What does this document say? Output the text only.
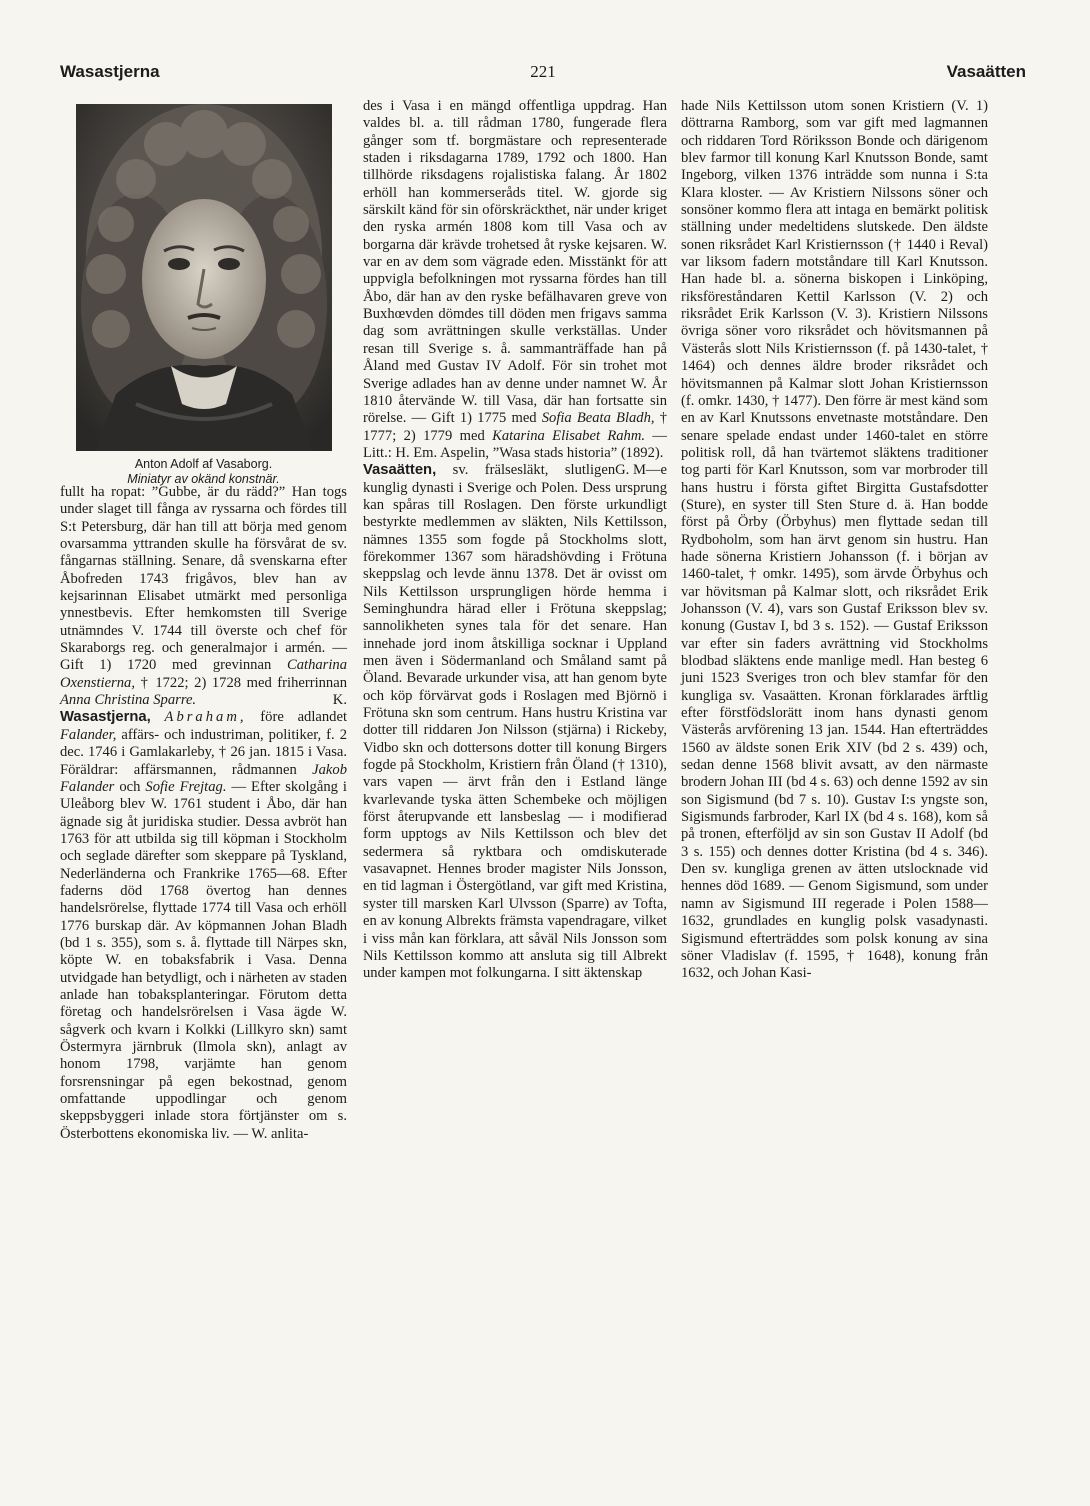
Wasastjerna	221	Vasaätten
Anton Adolf af Vasaborg.
Miniatyr av okänd konstnär.

fullt ha ropat: ”Gubbe, är du rädd?” Han togs under slaget till fånga av ryssarna och fördes till S:t Petersburg, där han till att börja med genom ovarsamma yttranden skulle ha försvårat de sv. fångarnas ställning. Senare, då svenskarna efter Åbofreden 1743 frigåvos, blev han av kejsarinnan Elisabet utmärkt med personliga ynnestbevis. Efter hemkomsten till Sverige utnämndes V. 1744 till överste och chef för Skaraborgs reg. och generalmajor i armén. — Gift 1) 1720 med grevinnan Catharina Oxenstierna, † 1722; 2) 1728 med friherrinnan Anna Christina Sparre.	K.

Wasastjerna, Abraham, före adlandet Falander, affärs- och industriman, politiker, f. 2 dec. 1746 i Gamlakarleby, † 26 jan. 1815 i Vasa. Föräldrar: affärsmannen, rådmannen Jakob Falander och Sofie Frejtag. — Efter skolgång i Uleåborg blev W. 1761 student i Åbo, där han ägnade sig åt juridiska studier. Dessa avbröt han 1763 för att utbilda sig till köpman i Stockholm och seglade därefter som skeppare på Tyskland, Nederländerna och Frankrike 1765—68. Efter faderns död 1768 övertog han dennes handelsrörelse, flyttade 1774 till Vasa och erhöll 1776 burskap där. Av köpmannen Johan Bladh (bd 1 s. 355), som s. å. flyttade till Närpes skn, köpte W. en tobaksfabrik i Vasa. Denna utvidgade han betydligt, och i närheten av staden anlade han tobaksplanteringar. Förutom detta företag och handelsrörelsen i Vasa ägde W. sågverk och kvarn i Kolkki (Lillkyro skn) samt Östermyra järnbruk (Ilmola skn), anlagt av honom 1798, varjämte han genom forsrensningar på egen bekostnad, genom omfattande uppodlingar och genom skeppsbyggeri inlade stora förtjänster om s. Österbottens ekonomiska liv. — W. anlita-

des i Vasa i en mängd offentliga uppdrag. Han valdes bl. a. till rådman 1780, fungerade flera gånger som tf. borgmästare och representerade staden i riksdagarna 1789, 1792 och 1800. Han tillhörde riksdagens rojalistiska falang. År 1802 erhöll han kommerseråds titel. W. gjorde sig särskilt känd för sin oförskräckthet, när under kriget den ryska armén 1808 kom till Vasa och av borgarna där krävde trohetsed åt ryske kejsaren. W. var en av dem som vägrade eden. Misstänkt för att uppvigla befolkningen mot ryssarna fördes han till Åbo, där han av den ryske befälhavaren greve von Buxhœvden dömdes till döden men frigavs samma dag som avrättningen skulle verkställas. Under resan till Sverige s. å. sammanträffade han på Åland med Gustav IV Adolf. För sin trohet mot Sverige adlades han av denne under namnet W. År 1810 återvände W. till Vasa, där han fortsatte sin rörelse. — Gift 1) 1775 med Sofia Beata Bladh, † 1777; 2) 1779 med Katarina Elisabet Rahm. — Litt.: H. Em. Aspelin, ”Wasa stads historia” (1892).
G. M—e

Vasaätten, sv. frälsesläkt, slutligen kunglig dynasti i Sverige och Polen. Dess ursprung kan spåras till Roslagen. Den förste urkundligt bestyrkte medlemmen av släkten, Nils Kettilsson, nämnes 1355 som fogde på Stockholms slott, förekommer 1367 som häradshövding i Frötuna skeppslag och levde ännu 1378. Det är ovisst om Nils Kettilsson ursprungligen hörde hemma i Seminghundra härad eller i Frötuna skeppslag; sannolikheten synes tala för det senare. Han innehade jord inom åtskilliga socknar i Uppland men även i Södermanland och Småland samt på Öland. Bevarade urkunder visa, att han genom byte och köp förvärvat gods i Roslagen med Björnö i Frötuna skn som centrum. Hans hustru Kristina var dotter till riddaren Jon Nilsson (stjärna) i Rickeby, Vidbo skn och dottersons dotter till konung Birgers fogde på Stockholm, Kristiern från Öland († 1310), vars vapen — ärvt från den i Estland länge kvarlevande tyska ätten Schembeke och möjligen först återupvande ett lansbeslag — i modifierad form upptogs av Nils Kettilsson och blev det sedermera så ryktbara och omdiskuterade vasavapnet. Hennes broder magister Nils Jonsson, en tid lagman i Östergötland, var gift med Kristina, syster till marsken Karl Ulvsson (Sparre) av Tofta, en av konung Albrekts främsta vapendragare, vilket i viss mån kan förklara, att såväl Nils Jonsson som Nils Kettilsson kommo att ansluta sig till Albrekt under kampen mot folkungarna. I sitt äktenskap

hade Nils Kettilsson utom sonen Kristiern (V. 1) döttrarna Ramborg, som var gift med lagmannen och riddaren Tord Röriksson Bonde och därigenom blev farmor till konung Karl Knutsson Bonde, samt Ingeborg, vilken 1376 inträdde som nunna i S:ta Klara kloster. — Av Kristiern Nilssons söner och sonsöner kommo flera att intaga en bemärkt politisk ställning under medeltidens slutskede. Den äldste sonen riksrådet Karl Kristiernsson († 1440 i Reval) var liksom fadern motståndare till Karl Knutsson. Han hade bl. a. sönerna biskopen i Linköping, riksföreståndaren Kettil Karlsson (V. 2) och riksrådet Erik Karlsson (V. 3). Kristiern Nilssons övriga söner voro riksrådet och hövitsmannen på Västerås slott Nils Kristiernsson (f. på 1430-talet, † 1464) och dennes äldre broder riksrådet och hövitsmannen på Kalmar slott Johan Kristiernsson (f. omkr. 1430, † 1477). Den förre är mest känd som en av Karl Knutssons envetnaste motståndare. Den senare spelade endast under 1460-talet en större politisk roll, då han tvärtemot släktens traditioner tog parti för Karl Knutsson, som var morbroder till hans hustru i första giftet Birgitta Gustafsdotter (Sture), en syster till Sten Sture d. ä. Han bodde först på Örby (Örbyhus) men flyttade sedan till Rydboholm, som han ärvt genom sin hustru. Han hade sönerna Kristiern Johansson (f. i början av 1460-talet, † omkr. 1495), som ärvde Örbyhus och var hövitsman på Kalmar slott, och riksrådet Erik Johansson (V. 4), vars son Gustaf Eriksson blev sv. konung (Gustav I, bd 3 s. 152). — Gustaf Eriksson var efter sin faders avrättning vid Stockholms blodbad släktens ende manlige medl. Han besteg 6 juni 1523 Sveriges tron och blev stamfar för den kungliga sv. Vasaätten. Kronan förklarades ärftlig efter förstfödslorätt inom hans dynasti genom Västerås arvförening 13 jan. 1544. Han efterträddes 1560 av äldste sonen Erik XIV (bd 2 s. 439) och, sedan denne 1568 blivit avsatt, av den närmaste brodern Johan III (bd 4 s. 63) och denne 1592 av sin son Sigismund (bd 7 s. 10). Gustav I:s yngste son, Sigismunds farbroder, Karl IX (bd 4 s. 168), kom så på tronen, efterföljd av sin son Gustav II Adolf (bd 3 s. 155) och dennes dotter Kristina (bd 4 s. 346). Den sv. kungliga grenen av ätten utslocknade vid hennes död 1689. — Genom Sigismund, som under namn av Sigismund III regerade i Polen 1588—1632, grundlades en kunglig polsk vasadynasti. Sigismund efterträddes som polsk konung av sina söner Vladislav (f. 1595, † 1648), konung från 1632, och Johan Kasi-
